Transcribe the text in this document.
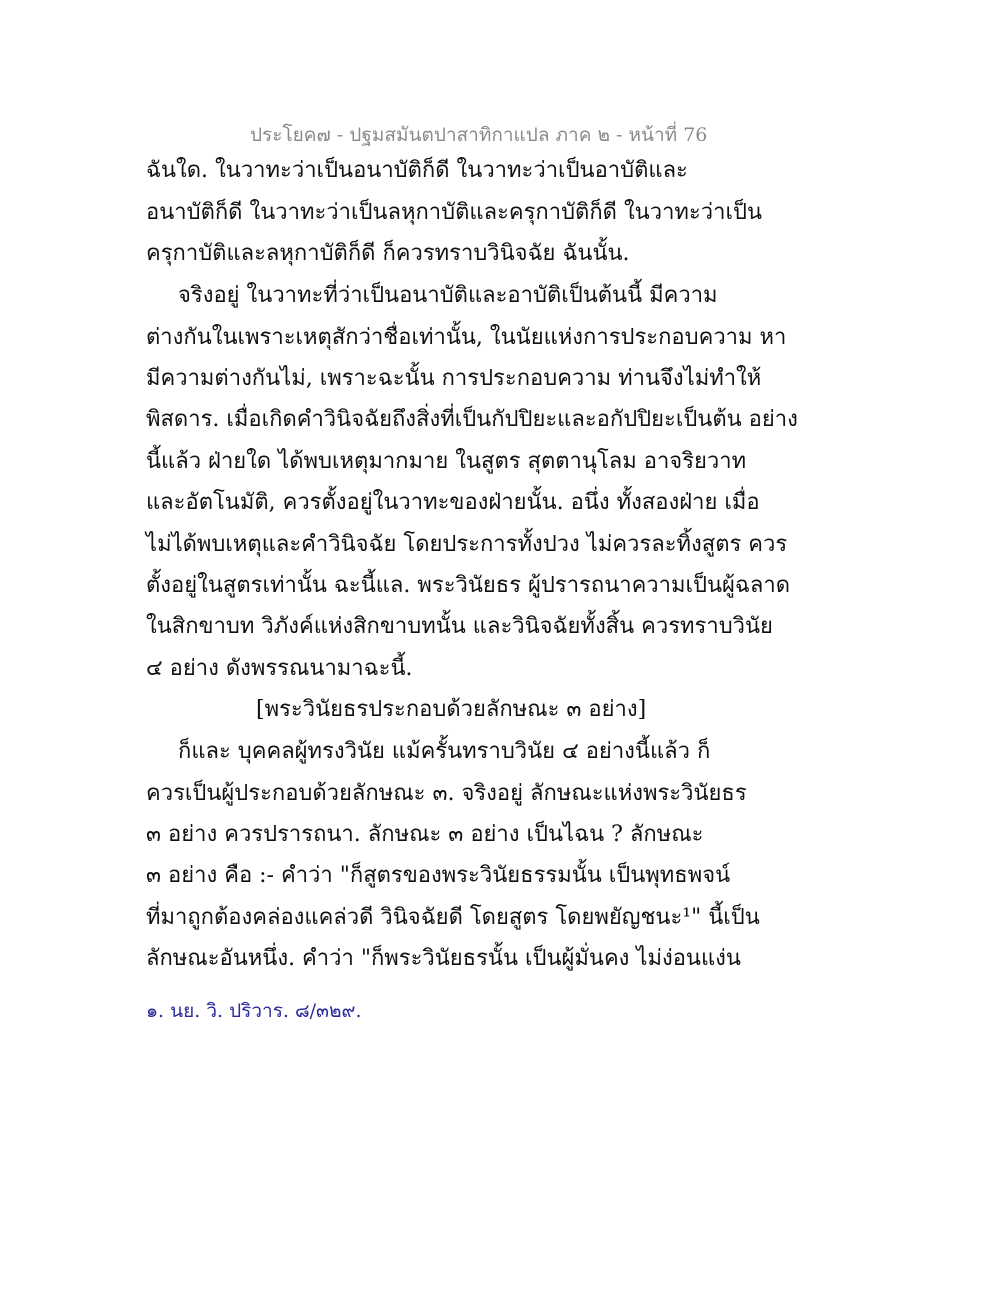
ประโยค๗ - ปฐมสมันตปาสาทิกาแปล ภาค ๒ - หน้าที่ 76
ฉันใด. ในวาทะว่าเป็นอนาบัติก็ดี ในวาทะว่าเป็นอาบัติและ
อนาบัติก็ดี ในวาทะว่าเป็นลหุกาบัติและครุกาบัติก็ดี ในวาทะว่าเป็น
ครุกาบัติและลหุกาบัติก็ดี ก็ควรทราบวินิจฉัย ฉันนั้น.
จริงอยู่ ในวาทะที่ว่าเป็นอนาบัติและอาบัติเป็นต้นนี้ มีความ
ต่างกันในเพราะเหตุสักว่าชื่อเท่านั้น, ในนัยแห่งการประกอบความ หา
มีความต่างกันไม่, เพราะฉะนั้น การประกอบความ ท่านจึงไม่ทำให้
พิสดาร. เมื่อเกิดคำวินิจฉัยถึงสิ่งที่เป็นกัปปิยะและอกัปปิยะเป็นต้น อย่าง
นี้แล้ว ฝ่ายใด ได้พบเหตุมากมาย ในสูตร สุตตานุโลม อาจริยวาท
และอัตโนมัติ, ควรตั้งอยู่ในวาทะของฝ่ายนั้น. อนึ่ง ทั้งสองฝ่าย เมื่อ
ไม่ได้พบเหตุและคำวินิจฉัย โดยประการทั้งปวง ไม่ควรละทิ้งสูตร ควร
ตั้งอยู่ในสูตรเท่านั้น ฉะนี้แล. พระวินัยธร ผู้ปรารถนาความเป็นผู้ฉลาด
ในสิกขาบท วิภังค์แห่งสิกขาบทนั้น และวินิจฉัยทั้งสิ้น ควรทราบวินัย
๔ อย่าง ดังพรรณนามาฉะนี้.
[พระวินัยธรประกอบด้วยลักษณะ ๓ อย่าง]
ก็และ บุคคลผู้ทรงวินัย แม้ครั้นทราบวินัย ๔ อย่างนี้แล้ว ก็
ควรเป็นผู้ประกอบด้วยลักษณะ ๓. จริงอยู่ ลักษณะแห่งพระวินัยธร
๓ อย่าง ควรปรารถนา. ลักษณะ ๓ อย่าง เป็นไฉน ? ลักษณะ
๓ อย่าง คือ :- คำว่า "ก็สูตรของพระวินัยธรรมนั้น เป็นพุทธพจน์
ที่มาถูกต้องคล่องแคล่วดี วินิจฉัยดี โดยสูตร โดยพยัญชนะ¹" นี้เป็น
ลักษณะอันหนึ่ง. คำว่า "ก็พระวินัยธรนั้น เป็นผู้มั่นคง ไม่ง่อนแง่น
๑. นย. วิ. ปริวาร. ๘/๓๒๙.
